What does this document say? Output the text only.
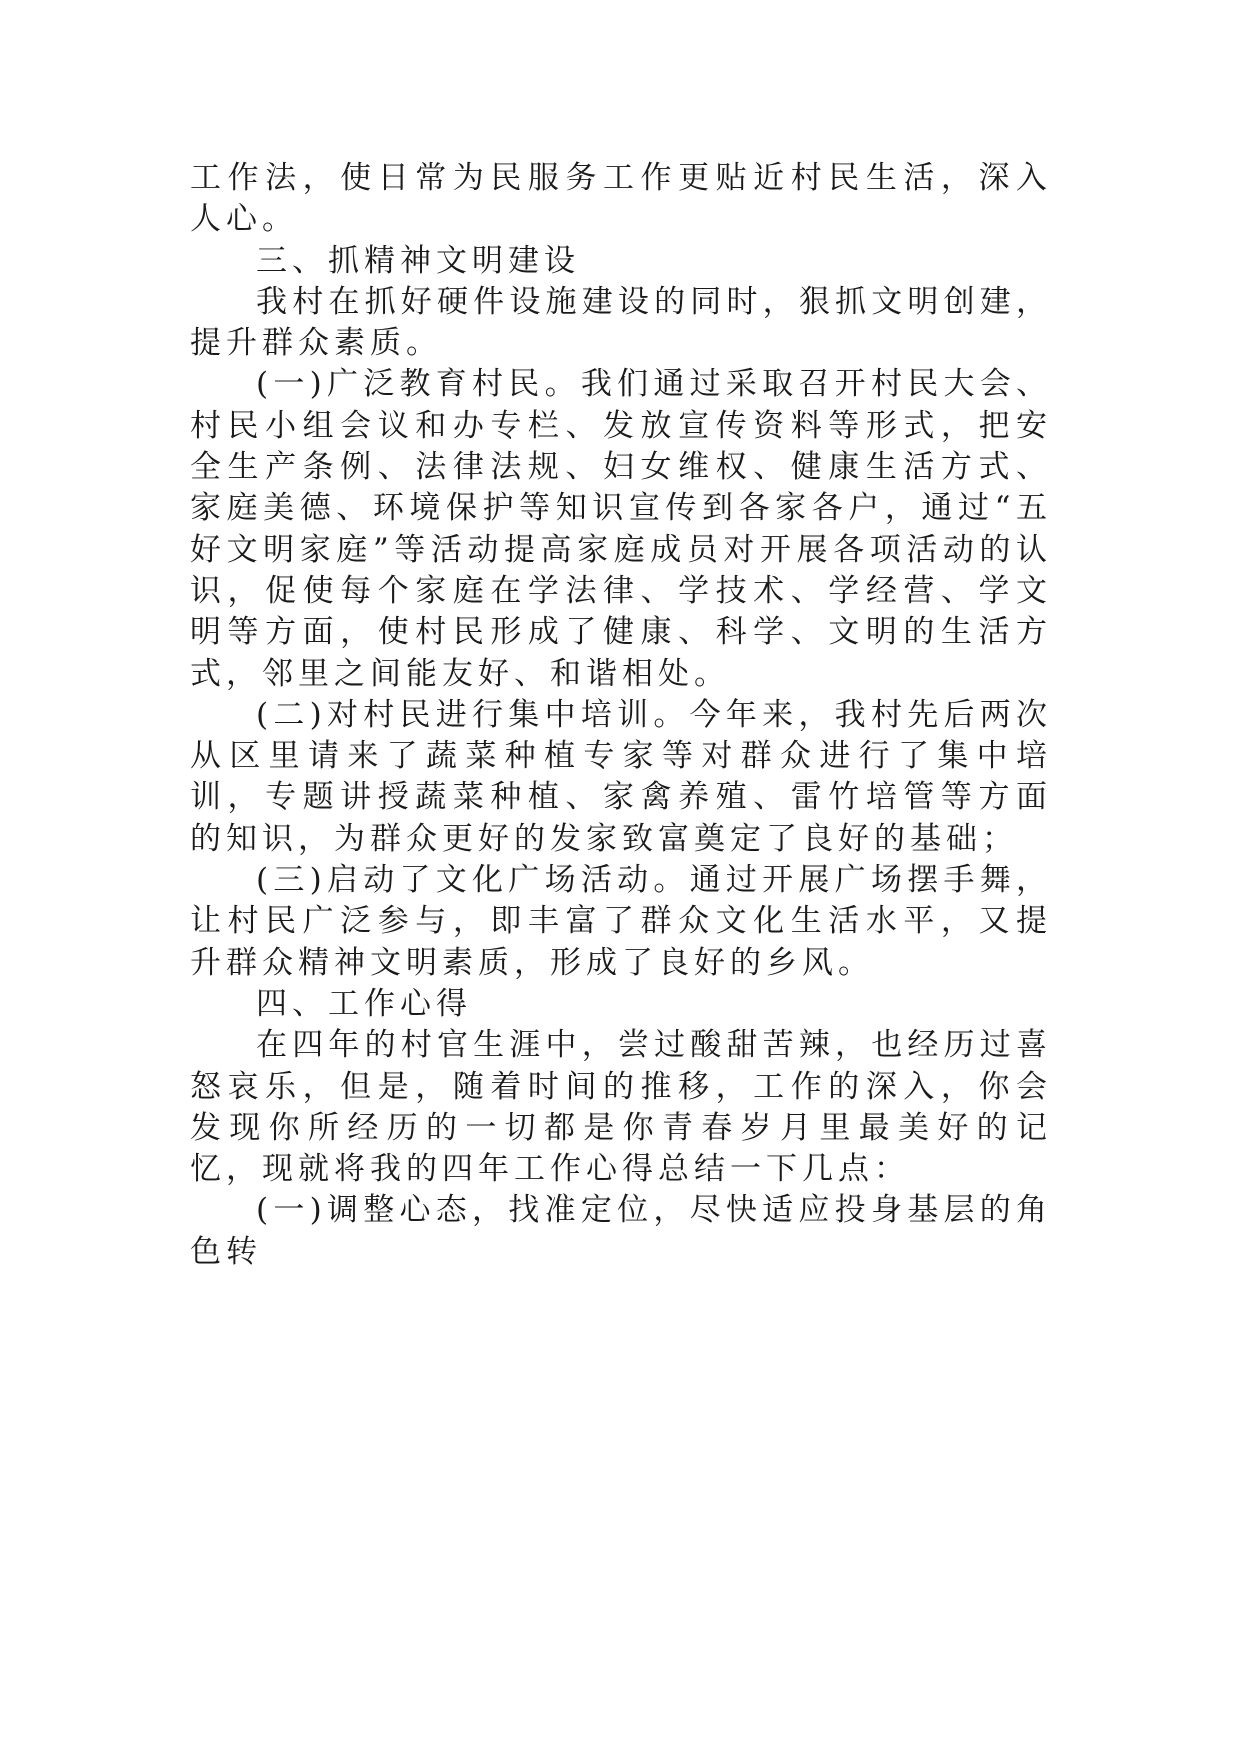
工作法，使日常为民服务工作更贴近村民生活，深入人心。

三、抓精神文明建设

我村在抓好硬件设施建设的同时，狠抓文明创建，提升群众素质。

(一)广泛教育村民。我们通过采取召开村民大会、村民小组会议和办专栏、发放宣传资料等形式，把安全生产条例、法律法规、妇女维权、健康生活方式、家庭美德、环境保护等知识宣传到各家各户，通过“五好文明家庭”等活动提高家庭成员对开展各项活动的认识，促使每个家庭在学法律、学技术、学经营、学文明等方面，使村民形成了健康、科学、文明的生活方式，邻里之间能友好、和谐相处。

(二)对村民进行集中培训。今年来，我村先后两次从区里请来了蔬菜种植专家等对群众进行了集中培训，专题讲授蔬菜种植、家禽养殖、雷竹培管等方面的知识，为群众更好的发家致富奠定了良好的基础；

(三)启动了文化广场活动。通过开展广场摆手舞，让村民广泛参与，即丰富了群众文化生活水平，又提升群众精神文明素质，形成了良好的乡风。

四、工作心得

在四年的村官生涯中，尝过酸甜苦辣，也经历过喜怒哀乐，但是，随着时间的推移，工作的深入，你会发现你所经历的一切都是你青春岁月里最美好的记忆，现就将我的四年工作心得总结一下几点：

(一)调整心态，找准定位，尽快适应投身基层的角色转
